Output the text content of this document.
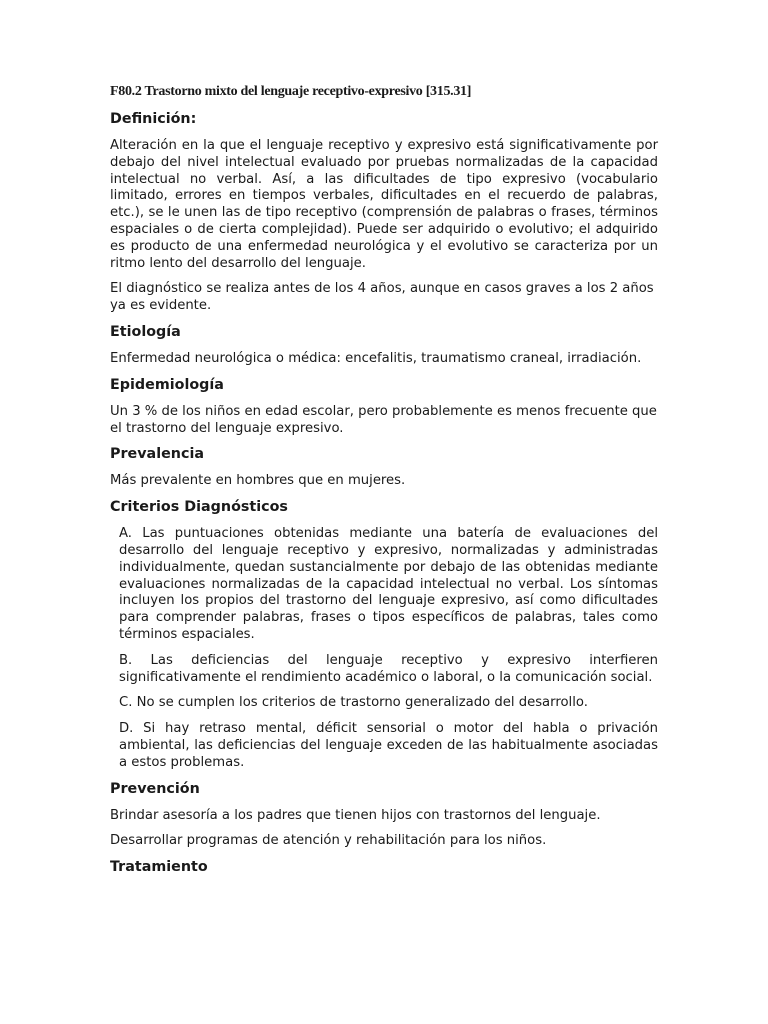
F80.2 Trastorno mixto del lenguaje receptivo-expresivo [315.31]
Definición:

Alteración en la que el lenguaje receptivo y expresivo está significativamente por debajo del nivel intelectual evaluado por pruebas normalizadas de la capacidad intelectual no verbal. Así, a las dificultades de tipo expresivo (vocabulario limitado, errores en tiempos verbales, dificultades en el recuerdo de palabras, etc.), se le unen las de tipo receptivo (comprensión de palabras o frases, términos espaciales o de cierta complejidad). Puede ser adquirido o evolutivo; el adquirido es producto de una enfermedad neurológica y el evolutivo se caracteriza por un ritmo lento del desarrollo del lenguaje.

El diagnóstico se realiza antes de los 4 años, aunque en casos graves a los 2 años ya es evidente.

Etiología

Enfermedad neurológica o médica: encefalitis, traumatismo craneal, irradiación.

Epidemiología

Un 3 % de los niños en edad escolar, pero probablemente es menos frecuente que el trastorno del lenguaje expresivo.

Prevalencia

Más prevalente en hombres que en mujeres.

Criterios Diagnósticos

A. Las puntuaciones obtenidas mediante una batería de evaluaciones del desarrollo del lenguaje receptivo y expresivo, normalizadas y administradas individualmente, quedan sustancialmente por debajo de las obtenidas mediante evaluaciones normalizadas de la capacidad intelectual no verbal. Los síntomas incluyen los propios del trastorno del lenguaje expresivo, así como dificultades para comprender palabras, frases o tipos específicos de palabras, tales como términos espaciales.

B. Las deficiencias del lenguaje receptivo y expresivo interfieren significativamente el rendimiento académico o laboral, o la comunicación social.

C. No se cumplen los criterios de trastorno generalizado del desarrollo.

D. Si hay retraso mental, déficit sensorial o motor del habla o privación ambiental, las deficiencias del lenguaje exceden de las habitualmente asociadas a estos problemas.

Prevención

Brindar asesoría a los padres que tienen hijos con trastornos del lenguaje.

Desarrollar programas de atención y rehabilitación para los niños.

Tratamiento
